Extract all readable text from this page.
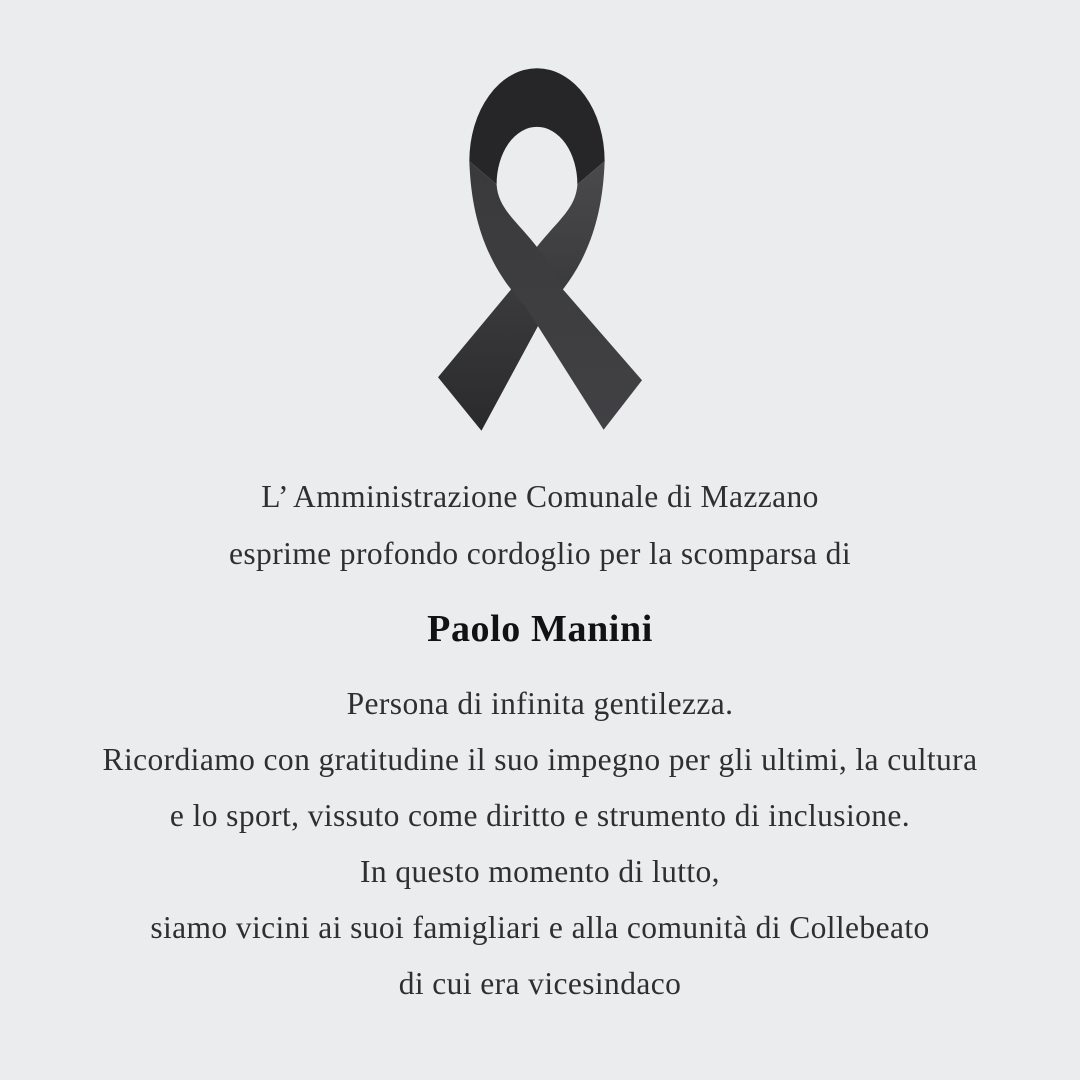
L’ Amministrazione Comunale di Mazzano
esprime profondo cordoglio per la scomparsa di
Paolo Manini
Persona di infinita gentilezza.
Ricordiamo con gratitudine il suo impegno per gli ultimi, la cultura
e lo sport, vissuto come diritto e strumento di inclusione.
In questo momento di lutto,
siamo vicini ai suoi famigliari e alla comunità di Collebeato
di cui era vicesindaco
